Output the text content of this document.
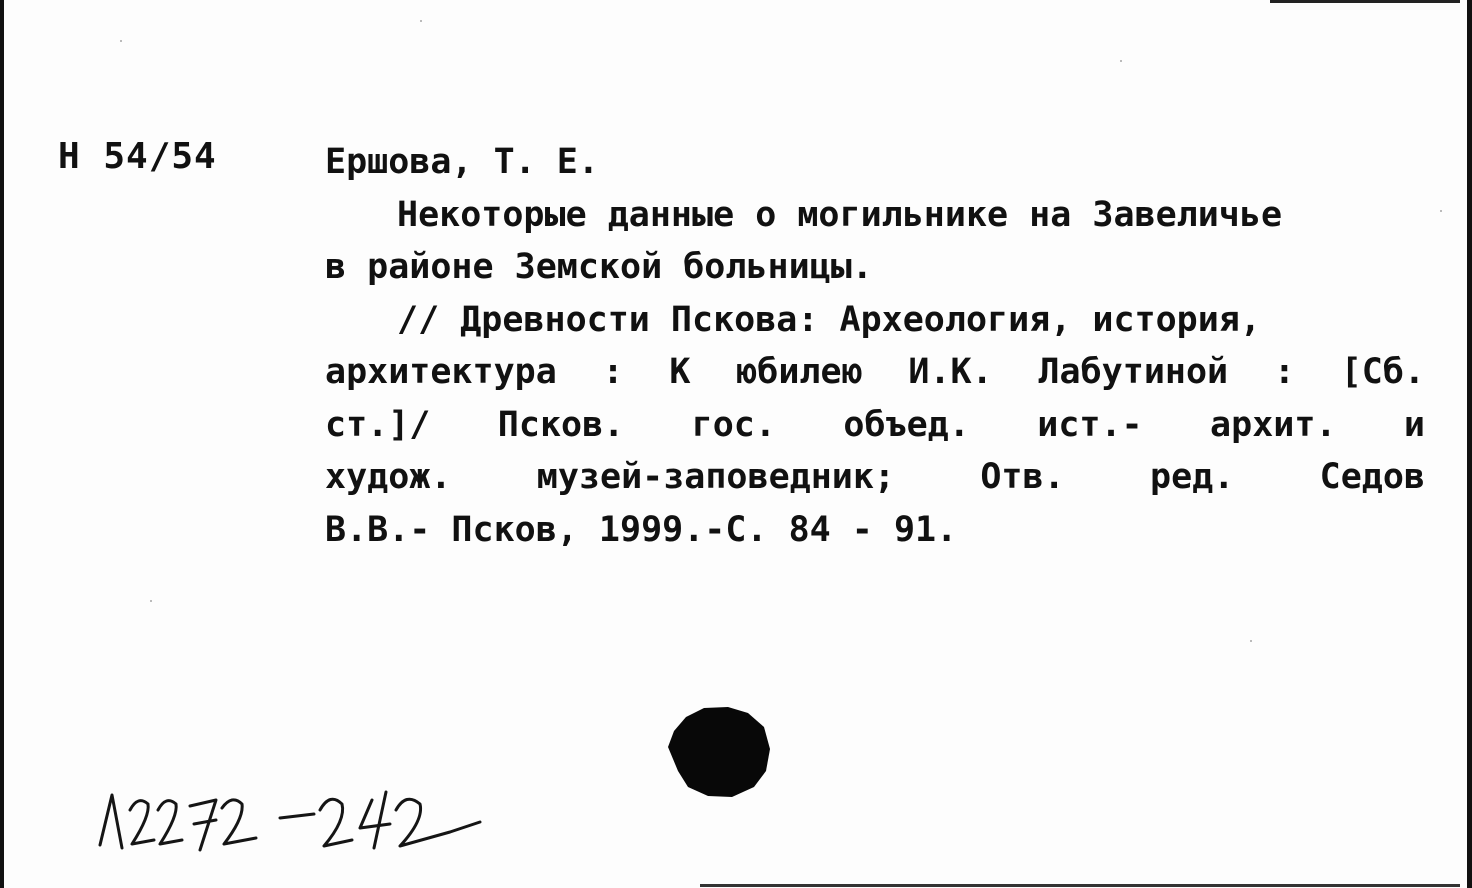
Н 54/54	Ершова, Т. Е.
Некоторые данные о могильнике на Завеличье
в районе Земской больницы.
// Древности Пскова: Археология, история,
архитектура : К юбилею И.К. Лабутиной : [Сб.
ст.]/ Псков. гос. объед. ист.- архит. и
худож. музей-заповедник; Отв. ред. Седов
В.В.- Псков, 1999.-С. 84 - 91.
